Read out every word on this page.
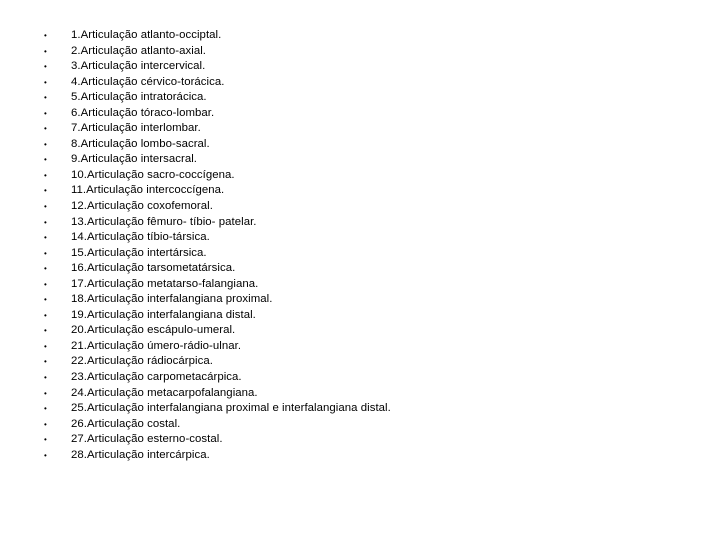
•	1.Articulação atlanto-occiptal.
•	2.Articulação atlanto-axial.
•	3.Articulação intercervical.
•	4.Articulação cérvico-torácica.
•	5.Articulação intratorácica.
•	6.Articulação tóraco-lombar.
•	7.Articulação interlombar.
•	8.Articulação lombo-sacral.
•	9.Articulação intersacral.
•	10.Articulação sacro-coccígena.
•	11.Articulação intercoccígena.
•	12.Articulação coxofemoral.
•	13.Articulação fêmuro- tíbio- patelar.
•	14.Articulação tíbio-társica.
•	15.Articulação intertársica.
•	16.Articulação tarsometatársica.
•	17.Articulação metatarso-falangiana.
•	18.Articulação interfalangiana proximal.
•	19.Articulação interfalangiana distal.
•	20.Articulação escápulo-umeral.
•	21.Articulação úmero-rádio-ulnar.
•	22.Articulação rádiocárpica.
•	23.Articulação carpometacárpica.
•	24.Articulação metacarpofalangiana.
•	25.Articulação interfalangiana proximal e interfalangiana distal.
•	26.Articulação costal.
•	27.Articulação esterno-costal.
•	28.Articulação intercárpica.
